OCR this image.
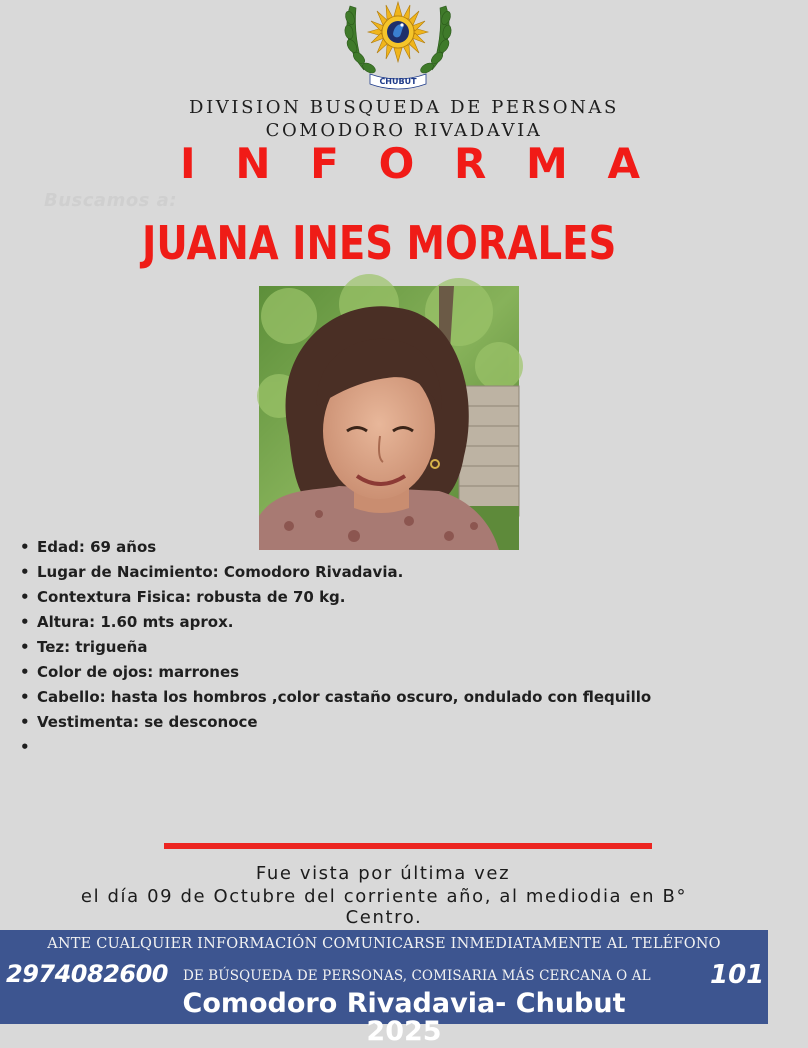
CHUBUT
DIVISION BUSQUEDA DE PERSONAS
COMODORO RIVADAVIA
I N F O R M A
Buscamos a:
JUANA INES MORALES
• Edad: 69 años
• Lugar de Nacimiento: Comodoro Rivadavia.
• Contextura Fisica: robusta de 70 kg.
• Altura: 1.60 mts aprox.
• Tez: trigueña
• Color de ojos: marrones
• Cabello: hasta los hombros ,color castaño oscuro, ondulado con flequillo
• Vestimenta: se desconoce
•
Fue vista por última vez
el día 09 de Octubre del corriente año, al mediodia en B°
Centro.
ANTE CUALQUIER INFORMACIÓN COMUNICARSE INMEDIATAMENTE AL TELÉFONO
2974082600 DE BÚSQUEDA DE PERSONAS, COMISARIA MÁS CERCANA O AL 101
Comodoro Rivadavia- Chubut
2025
